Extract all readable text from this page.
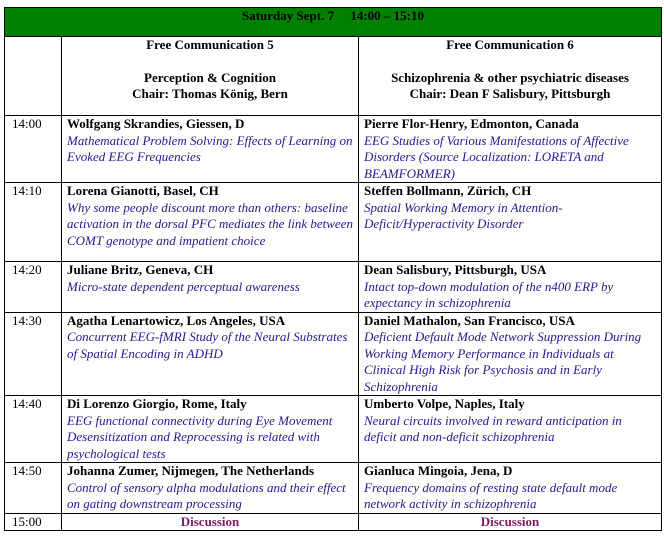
Saturday Sept. 7     14:00 – 15:10		

	Free Communication 5
Perception & Cognition
Chair: Thomas König, Bern	Free Communication 6
Schizophrenia & other psychiatric diseases
Chair: Dean F Salisbury, Pittsburgh

14:00	Wolfgang Skrandies, Giessen, D
Mathematical Problem Solving: Effects of Learning on Evoked EEG Frequencies	Pierre Flor-Henry, Edmonton, Canada
EEG Studies of Various Manifestations of Affective Disorders (Source Localization: LORETA and BEAMFORMER)

14:10	Lorena Gianotti, Basel, CH
Why some people discount more than others: baseline activation in the dorsal PFC mediates the link between COMT genotype and impatient choice	Steffen Bollmann, Zürich, CH
Spatial Working Memory in Attention-Deficit/Hyperactivity Disorder

14:20	Juliane Britz, Geneva, CH
Micro-state dependent perceptual awareness	Dean Salisbury, Pittsburgh, USA
Intact top-down modulation of the n400 ERP by expectancy in schizophrenia

14:30	Agatha Lenartowicz, Los Angeles, USA
Concurrent EEG-fMRI Study of the Neural Substrates of Spatial Encoding in ADHD	Daniel Mathalon, San Francisco, USA
Deficient Default Mode Network Suppression During Working Memory Performance in Individuals at Clinical High Risk for Psychosis and in Early Schizophrenia

14:40	Di Lorenzo Giorgio, Rome, Italy
EEG functional connectivity during Eye Movement Desensitization and Reprocessing is related with psychological tests	Umberto Volpe, Naples, Italy
Neural circuits involved in reward anticipation in deficit and non-deficit schizophrenia

14:50	Johanna Zumer, Nijmegen, The Netherlands
Control of sensory alpha modulations and their effect on gating downstream processing	Gianluca Mingoia, Jena, D
Frequency domains of resting state default mode network activity in schizophrenia

15:00	Discussion	Discussion
